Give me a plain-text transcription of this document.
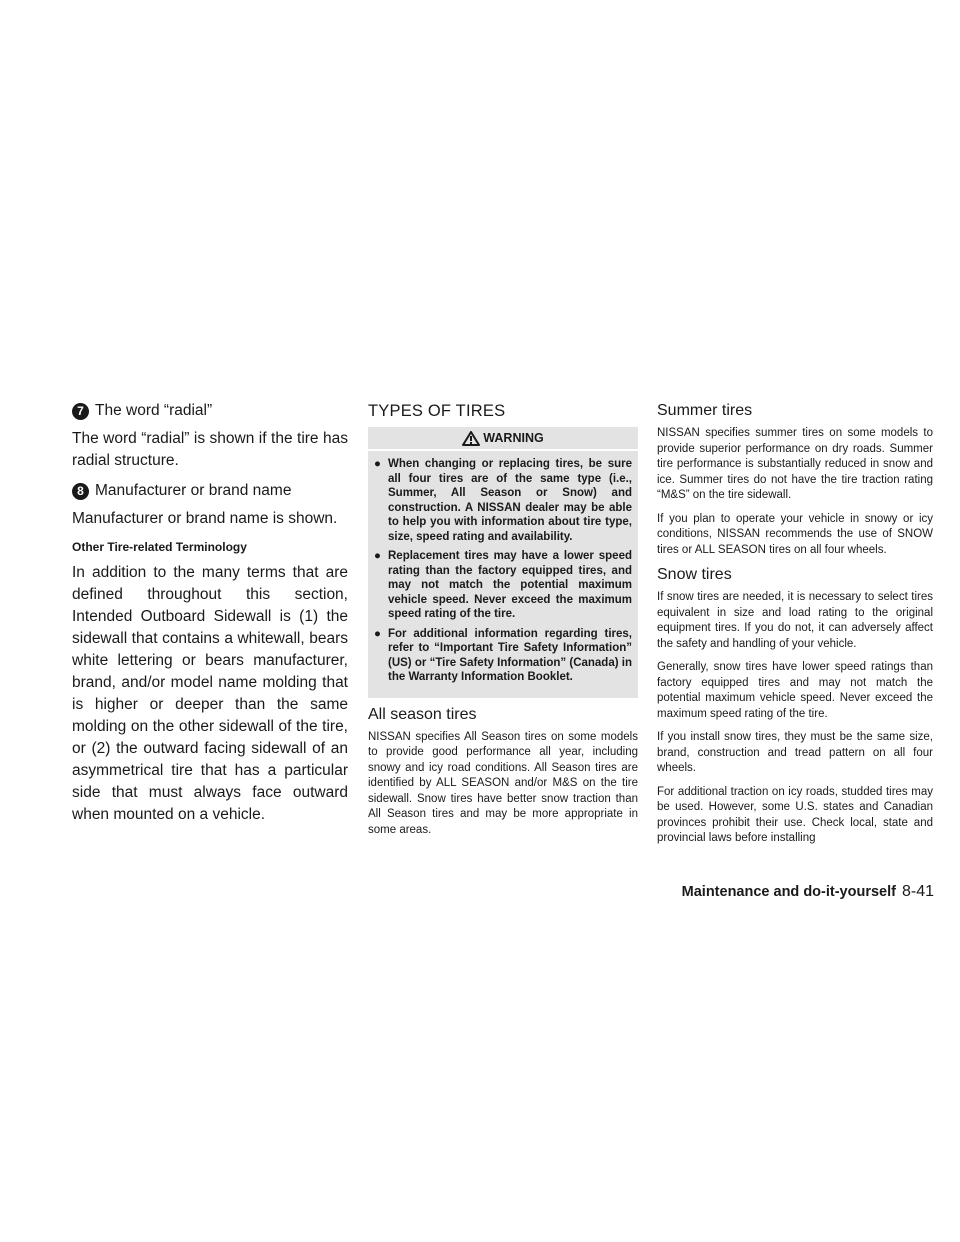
7 The word “radial”

The word “radial” is shown if the tire has radial structure.

8 Manufacturer or brand name

Manufacturer or brand name is shown.

Other Tire-related Terminology

In addition to the many terms that are defined throughout this section, Intended Outboard Sidewall is (1) the sidewall that contains a whitewall, bears white lettering or bears manufacturer, brand, and/or model name molding that is higher or deeper than the same molding on the other sidewall of the tire, or (2) the outward facing sidewall of an asymmetrical tire that has a particular side that must always face outward when mounted on a vehicle.

TYPES OF TIRES
WARNING
● When changing or replacing tires, be sure all four tires are of the same type (i.e., Summer, All Season or Snow) and construction. A NISSAN dealer may be able to help you with information about tire type, size, speed rating and availability.
● Replacement tires may have a lower speed rating than the factory equipped tires, and may not match the potential maximum vehicle speed. Never exceed the maximum speed rating of the tire.
● For additional information regarding tires, refer to “Important Tire Safety Information” (US) or “Tire Safety Information” (Canada) in the Warranty Information Booklet.
All season tires

NISSAN specifies All Season tires on some models to provide good performance all year, including snowy and icy road conditions. All Season tires are identified by ALL SEASON and/or M&S on the tire sidewall. Snow tires have better snow traction than All Season tires and may be more appropriate in some areas.

Summer tires

NISSAN specifies summer tires on some models to provide superior performance on dry roads. Summer tire performance is substantially reduced in snow and ice. Summer tires do not have the tire traction rating “M&S” on the tire sidewall.

If you plan to operate your vehicle in snowy or icy conditions, NISSAN recommends the use of SNOW tires or ALL SEASON tires on all four wheels.

Snow tires

If snow tires are needed, it is necessary to select tires equivalent in size and load rating to the original equipment tires. If you do not, it can adversely affect the safety and handling of your vehicle.

Generally, snow tires have lower speed ratings than factory equipped tires and may not match the potential maximum vehicle speed. Never exceed the maximum speed rating of the tire.

If you install snow tires, they must be the same size, brand, construction and tread pattern on all four wheels.

For additional traction on icy roads, studded tires may be used. However, some U.S. states and Canadian provinces prohibit their use. Check local, state and provincial laws before installing

Maintenance and do-it-yourself 8-41
